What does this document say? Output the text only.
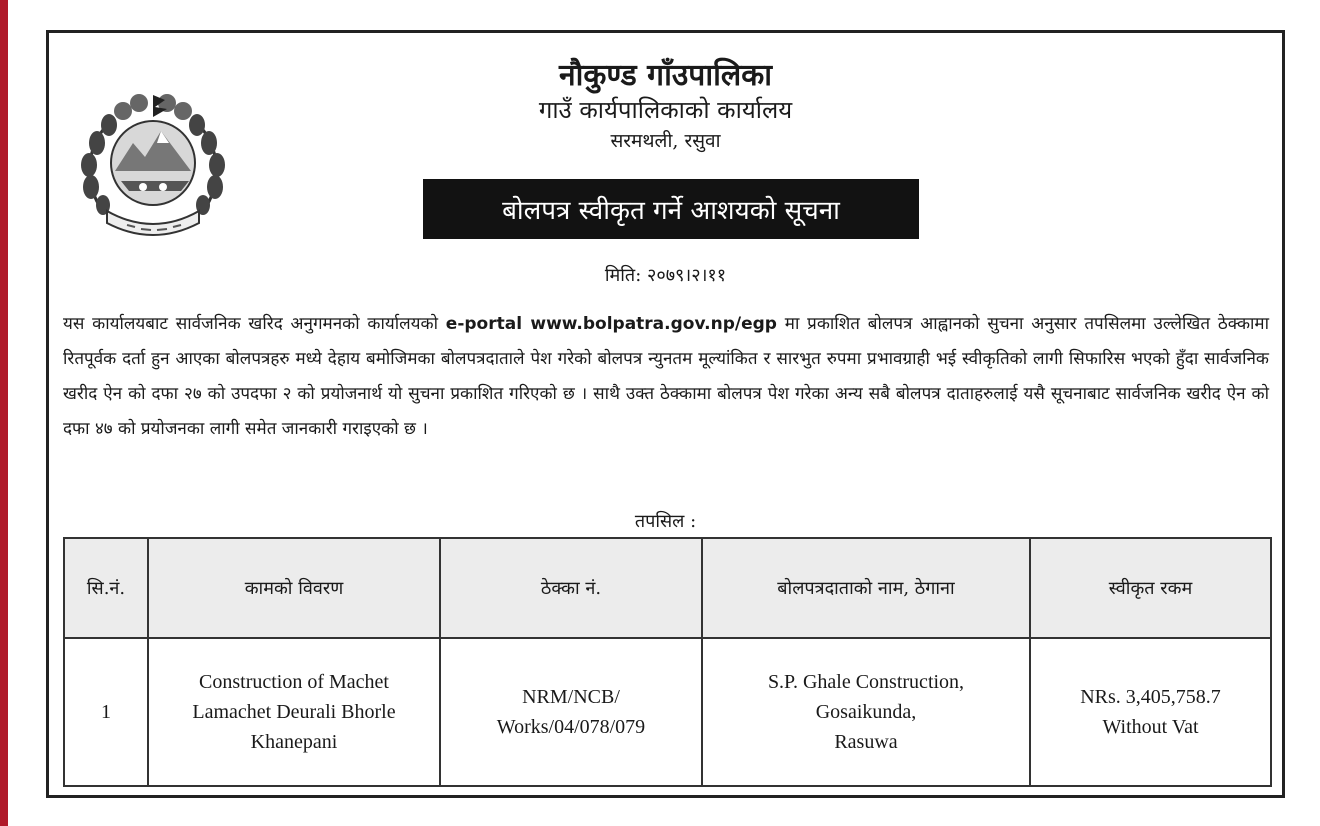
नौकुण्ड गाँउपालिका
गाउँ कार्यपालिकाको कार्यालय
सरमथली, रसुवा
बोलपत्र स्वीकृत गर्ने आशयको सूचना
मिति: २०७९।२।११

यस कार्यालयबाट सार्वजनिक खरिद अनुगमनको कार्यालयको e-portal www.bolpatra.gov.np/egp मा प्रकाशित बोलपत्र आह्वानको सुचना अनुसार तपसिलमा उल्लेखित ठेक्कामा रितपूर्वक दर्ता हुन आएका बोलपत्रहरु मध्ये देहाय बमोजिमका बोलपत्रदाताले पेश गरेको बोलपत्र न्युनतम मूल्यांकित र सारभुत रुपमा प्रभावग्राही भई स्वीकृतिको लागी सिफारिस भएको हुँदा सार्वजनिक खरीद ऐन को दफा २७ को उपदफा २ को प्रयोजनार्थ यो सुचना प्रकाशित गरिएको छ । साथै उक्त ठेक्कामा बोलपत्र पेश गरेका अन्य सबै बोलपत्र दाताहरुलाई यसै सूचनाबाट सार्वजनिक खरीद ऐन को दफा ४७ को प्रयोजनका लागी समेत जानकारी गराइएको छ ।

तपसिल :
सि.नं.	कामको विवरण	ठेक्का नं.	बोलपत्रदाताको नाम, ठेगाना	स्वीकृत रकम
1	Construction of Machet
Lamachet Deurali Bhorle
Khanepani	NRM/NCB/
Works/04/078/079	S.P. Ghale Construction,
Gosaikunda,
Rasuwa	NRs. 3,405,758.7
Without Vat
